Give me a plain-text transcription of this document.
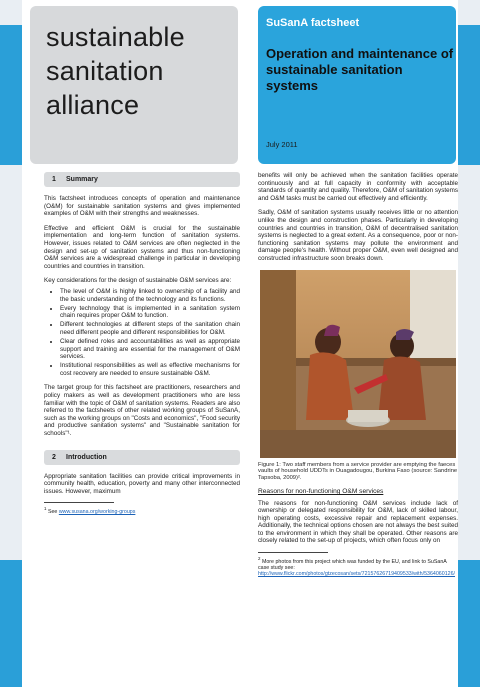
sustainable
sanitation
alliance
SuSanA factsheet
Operation and maintenance of sustainable sanitation systems
July 2011
1 Summary

This factsheet introduces concepts of operation and maintenance (O&M) for sustainable sanitation systems and gives implemented examples of O&M with their strengths and weaknesses.

Effective and efficient O&M is crucial for the sustainable implementation and long-term function of sanitation systems. However, issues related to O&M services are often neglected in the design and set-up of sanitation systems and thus non-functioning O&M services are a widespread challenge in particular in developing countries and countries in transition.

Key considerations for the design of sustainable O&M services are:

• The level of O&M is highly linked to ownership of a facility and the basic understanding of the technology and its functions.
• Every technology that is implemented in a sanitation system chain requires proper O&M to function.
• Different technologies at different steps of the sanitation chain need different people and different responsibilities for O&M.
• Clear defined roles and accountabilities as well as appropriate support and training are essential for the management of O&M services.
• Institutional responsibilities as well as effective mechanisms for cost recovery are needed to ensure sustainable O&M.

The target group for this factsheet are practitioners, researchers and policy makers as well as development practitioners who are less familiar with the topic of O&M of sanitation systems. Readers are also referred to the factsheets of other related working groups of SuSanA, such as the working groups on "Costs and economics", "Food security and productive sanitation systems" and "Sustainable sanitation for schools"¹.

2 Introduction

Appropriate sanitation facilities can provide critical improvements in community health, education, poverty and many other interconnected issues. However, maximum

$^1$ See www.susana.org/working-groups

benefits will only be achieved when the sanitation facilities operate continuously and at full capacity in conformity with acceptable standards of quantity and quality. Therefore, O&M of sanitation systems and O&M tasks must be carried out effectively and efficiently.

Sadly, O&M of sanitation systems usually receives little or no attention unlike the design and construction phases. Particularly in developing countries and countries in transition, O&M of decentralised sanitation systems is neglected to a great extent. As a consequence, poor or non-functioning sanitation systems may pollute the environment and damage people's health. Without proper O&M, even well designed and constructed infrastructure soon breaks down.

Figure 1: Two staff members from a service provider are emptying the faeces vaults of household UDDTs in Ouagadougou, Burkina Faso (source: Sandrine Tapsoba, 2009)².

Reasons for non-functioning O&M services

The reasons for non-functioning O&M services include lack of ownership or delegated responsibility for O&M, lack of skilled labour, high operating costs, excessive repair and replacement expenses. Additionally, the technical options chosen are not always the best suited to the environment in which they shall be operated. Other reasons are closely related to the set-up of projects, which often focus only on

$^2$ More photos from this project which was funded by the EU, and link to SuSanA case study see: http://www.flickr.com/photos/gtzecosan/sets/72157626719409533/with/5364060126/
